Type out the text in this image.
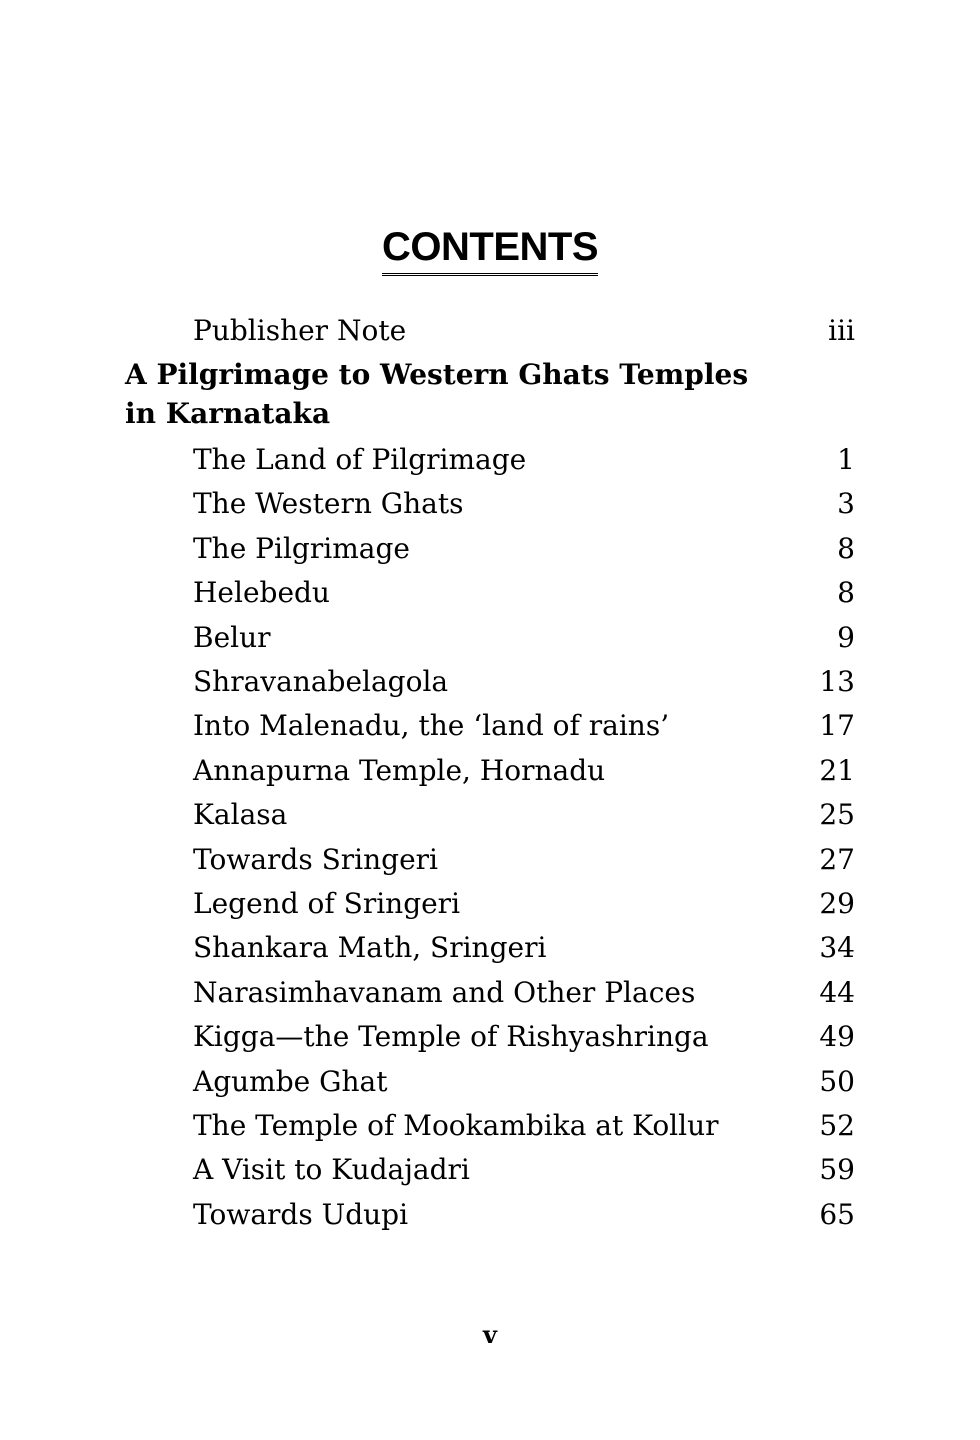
CONTENTS
Publisher Note	iii
A Pilgrimage to Western Ghats Temples
in Karnataka
The Land of Pilgrimage	1
The Western Ghats	3
The Pilgrimage	8
Helebedu	8
Belur	9
Shravanabelagola	13
Into Malenadu, the ‘land of rains’	17
Annapurna Temple, Hornadu	21
Kalasa	25
Towards Sringeri	27
Legend of Sringeri	29
Shankara Math, Sringeri	34
Narasimhavanam and Other Places	44
Kigga—the Temple of Rishyashringa	49
Agumbe Ghat	50
The Temple of Mookambika at Kollur	52
A Visit to Kudajadri	59
Towards Udupi	65
v
